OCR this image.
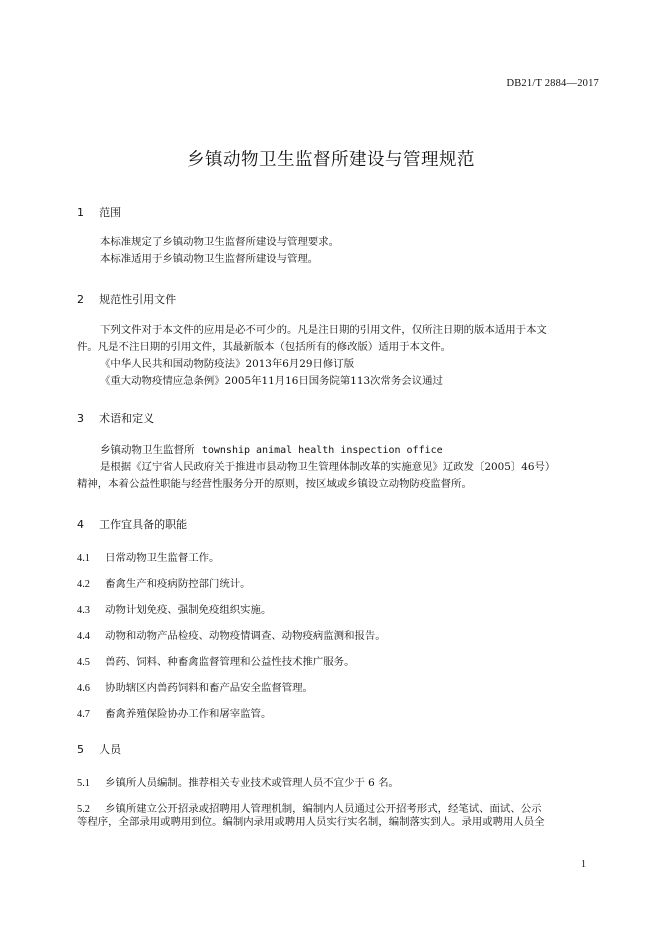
DB21/T 2884—2017
乡镇动物卫生监督所建设与管理规范
1 范围
本标准规定了乡镇动物卫生监督所建设与管理要求。
本标准适用于乡镇动物卫生监督所建设与管理。
2 规范性引用文件
下列文件对于本文件的应用是必不可少的。凡是注日期的引用文件，仅所注日期的版本适用于本文
件。凡是不注日期的引用文件，其最新版本（包括所有的修改版）适用于本文件。
《中华人民共和国动物防疫法》2013年6月29日修订版
《重大动物疫情应急条例》2005年11月16日国务院第113次常务会议通过
3 术语和定义
乡镇动物卫生监督所 township animal health inspection office
是根据《辽宁省人民政府关于推进市县动物卫生管理体制改革的实施意见》辽政发〔2005〕46号）
精神，本着公益性职能与经营性服务分开的原则，按区域或乡镇设立动物防疫监督所。
4 工作宜具备的职能
4.1 日常动物卫生监督工作。
4.2 畜禽生产和疫病防控部门统计。
4.3 动物计划免疫、强制免疫组织实施。
4.4 动物和动物产品检疫、动物疫情调查、动物疫病监测和报告。
4.5 兽药、饲料、种畜禽监督管理和公益性技术推广服务。
4.6 协助辖区内兽药饲料和畜产品安全监督管理。
4.7 畜禽养殖保险协办工作和屠宰监管。
5 人员
5.1 乡镇所人员编制。推荐相关专业技术或管理人员不宜少于 6 名。
5.2 乡镇所建立公开招录或招聘用人管理机制，编制内人员通过公开招考形式，经笔试、面试、公示
等程序，全部录用或聘用到位。编制内录用或聘用人员实行实名制，编制落实到人。录用或聘用人员全
1
